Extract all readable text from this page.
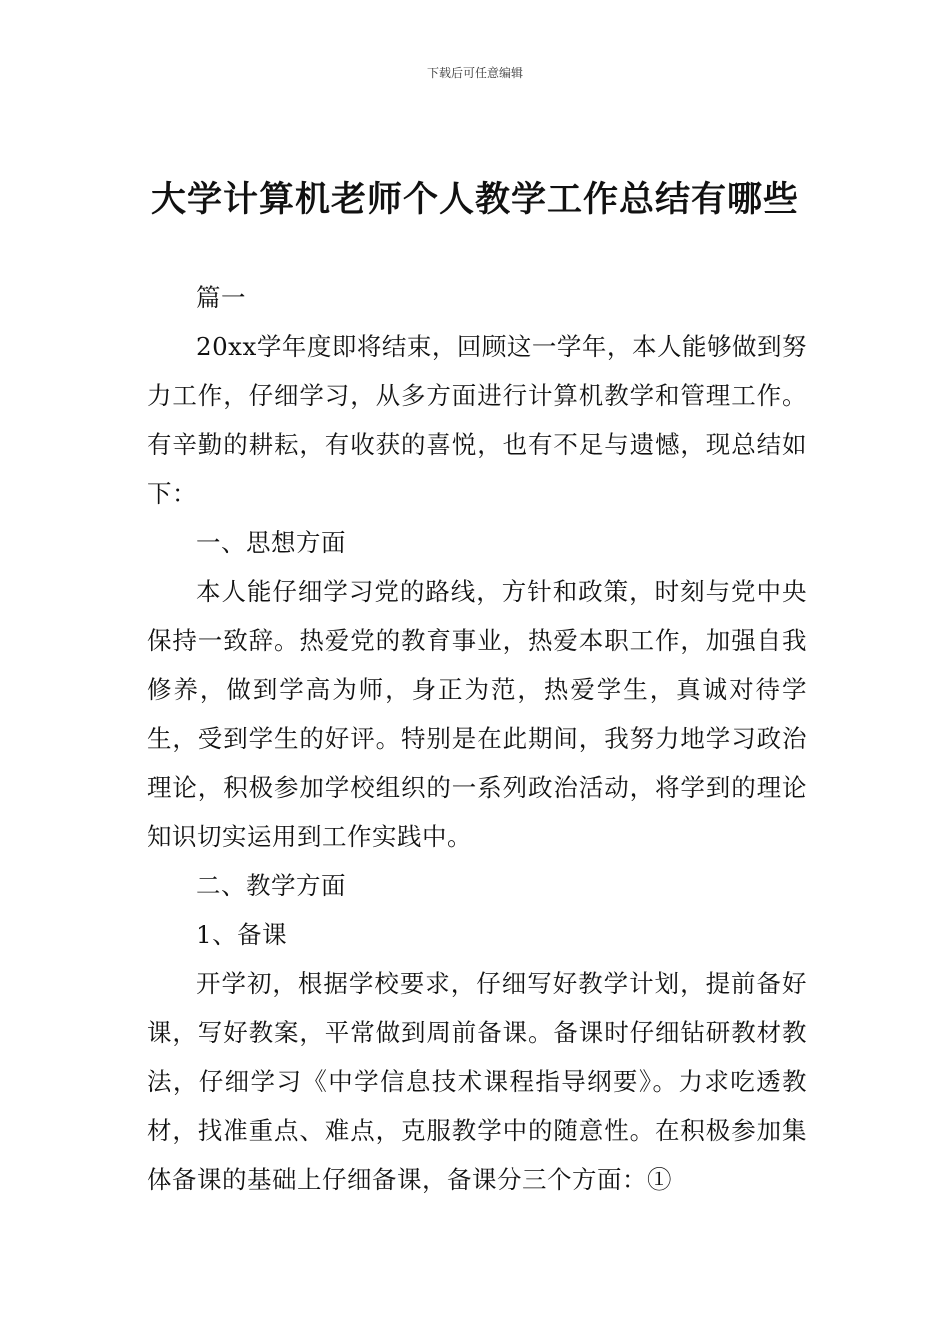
下载后可任意编辑
大学计算机老师个人教学工作总结有哪些

篇一

20xx学年度即将结束，回顾这一学年，本人能够做到努力工作，仔细学习，从多方面进行计算机教学和管理工作。有辛勤的耕耘，有收获的喜悦，也有不足与遗憾，现总结如下：

一、思想方面

本人能仔细学习党的路线，方针和政策，时刻与党中央保持一致辞。热爱党的教育事业，热爱本职工作，加强自我修养，做到学高为师，身正为范，热爱学生，真诚对待学生，受到学生的好评。特别是在此期间，我努力地学习政治理论，积极参加学校组织的一系列政治活动，将学到的理论知识切实运用到工作实践中。

二、教学方面

1、备课

开学初，根据学校要求，仔细写好教学计划，提前备好课，写好教案，平常做到周前备课。备课时仔细钻研教材教法，仔细学习《中学信息技术课程指导纲要》。力求吃透教材，找准重点、难点，克服教学中的随意性。在积极参加集体备课的基础上仔细备课，备课分三个方面：①
